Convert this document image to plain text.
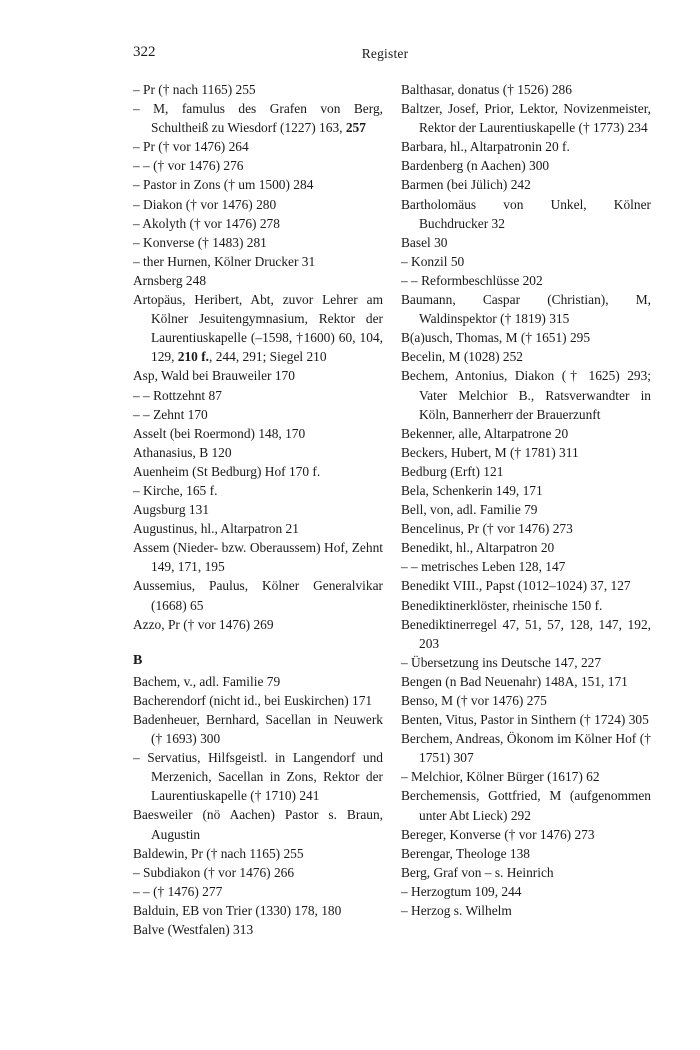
322	Register
– Pr († nach 1165) 255
– M, famulus des Grafen von Berg, Schultheiß zu Wiesdorf (1227) 163, 257
– Pr († vor 1476) 264
– – († vor 1476) 276
– Pastor in Zons († um 1500) 284
– Diakon († vor 1476) 280
– Akolyth († vor 1476) 278
– Konverse († 1483) 281
– ther Hurnen, Kölner Drucker 31
Arnsberg 248
Artopäus, Heribert, Abt, zuvor Lehrer am Kölner Jesuitengymnasium, Rektor der Laurentiuskapelle (–1598, †1600) 60, 104, 129, 210 f., 244, 291; Siegel 210
Asp, Wald bei Brauweiler 170
– – Rottzehnt 87
– – Zehnt 170
Asselt (bei Roermond) 148, 170
Athanasius, B 120
Auenheim (St Bedburg) Hof 170 f.
– Kirche, 165 f.
Augsburg 131
Augustinus, hl., Altarpatron 21
Assem (Nieder- bzw. Oberaussem) Hof, Zehnt 149, 171, 195
Aussemius, Paulus, Kölner Generalvikar (1668) 65
Azzo, Pr († vor 1476) 269
B
Bachem, v., adl. Familie 79
Bacherendorf (nicht id., bei Euskirchen) 171
Badenheuer, Bernhard, Sacellan in Neuwerk († 1693) 300
– Servatius, Hilfsgeistl. in Langendorf und Merzenich, Sacellan in Zons, Rektor der Laurentiuskapelle († 1710) 241
Baesweiler (nö Aachen) Pastor s. Braun, Augustin
Baldewin, Pr († nach 1165) 255
– Subdiakon († vor 1476) 266
– – († 1476) 277
Balduin, EB von Trier (1330) 178, 180
Balve (Westfalen) 313
Balthasar, donatus († 1526) 286
Baltzer, Josef, Prior, Lektor, Novizenmeister, Rektor der Laurentiuskapelle († 1773) 234
Barbara, hl., Altarpatronin 20 f.
Bardenberg (n Aachen) 300
Barmen (bei Jülich) 242
Bartholomäus von Unkel, Kölner Buchdrucker 32
Basel 30
– Konzil 50
– – Reformbeschlüsse 202
Baumann, Caspar (Christian), M, Waldinspektor († 1819) 315
B(a)usch, Thomas, M († 1651) 295
Becelin, M (1028) 252
Bechem, Antonius, Diakon († 1625) 293; Vater Melchior B., Ratsverwandter in Köln, Bannerherr der Brauerzunft
Bekenner, alle, Altarpatrone 20
Beckers, Hubert, M († 1781) 311
Bedburg (Erft) 121
Bela, Schenkerin 149, 171
Bell, von, adl. Familie 79
Bencelinus, Pr († vor 1476) 273
Benedikt, hl., Altarpatron 20
– – metrisches Leben 128, 147
Benedikt VIII., Papst (1012–1024) 37, 127
Benediktinerklöster, rheinische 150 f.
Benediktinerregel 47, 51, 57, 128, 147, 192, 203
– Übersetzung ins Deutsche 147, 227
Bengen (n Bad Neuenahr) 148A, 151, 171
Benso, M († vor 1476) 275
Benten, Vitus, Pastor in Sinthern († 1724) 305
Berchem, Andreas, Ökonom im Kölner Hof († 1751) 307
– Melchior, Kölner Bürger (1617) 62
Berchemensis, Gottfried, M (aufgenommen unter Abt Lieck) 292
Bereger, Konverse († vor 1476) 273
Berengar, Theologe 138
Berg, Graf von – s. Heinrich
– Herzogtum 109, 244
– Herzog s. Wilhelm
